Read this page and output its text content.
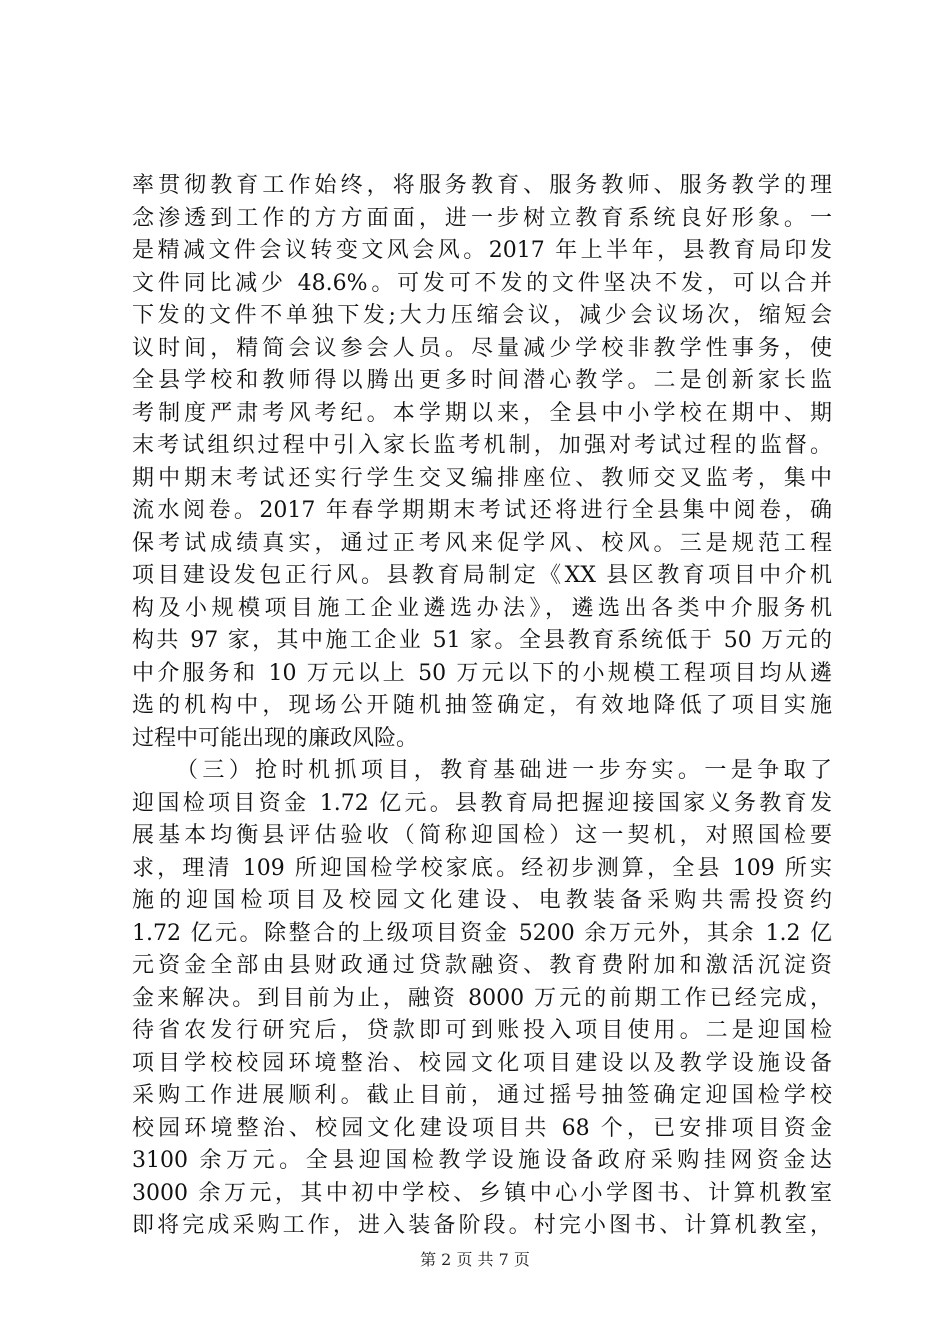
率贯彻教育工作始终，将服务教育、服务教师、服务教学的理
念渗透到工作的方方面面，进一步树立教育系统良好形象。一
是精减文件会议转变文风会风。2017 年上半年，县教育局印发
文件同比减少 48.6%。可发可不发的文件坚决不发，可以合并
下发的文件不单独下发;大力压缩会议，减少会议场次，缩短会
议时间，精简会议参会人员。尽量减少学校非教学性事务，使
全县学校和教师得以腾出更多时间潜心教学。二是创新家长监
考制度严肃考风考纪。本学期以来，全县中小学校在期中、期
末考试组织过程中引入家长监考机制，加强对考试过程的监督。
期中期末考试还实行学生交叉编排座位、教师交叉监考，集中
流水阅卷。2017 年春学期期末考试还将进行全县集中阅卷，确
保考试成绩真实，通过正考风来促学风、校风。三是规范工程
项目建设发包正行风。县教育局制定《XX 县区教育项目中介机
构及小规模项目施工企业遴选办法》，遴选出各类中介服务机
构共 97 家，其中施工企业 51 家。全县教育系统低于 50 万元的
中介服务和 10 万元以上 50 万元以下的小规模工程项目均从遴
选的机构中，现场公开随机抽签确定，有效地降低了项目实施
过程中可能出现的廉政风险。
（三）抢时机抓项目，教育基础进一步夯实。一是争取了
迎国检项目资金 1.72 亿元。县教育局把握迎接国家义务教育发
展基本均衡县评估验收（简称迎国检）这一契机，对照国检要
求，理清 109 所迎国检学校家底。经初步测算，全县 109 所实
施的迎国检项目及校园文化建设、电教装备采购共需投资约
1.72 亿元。除整合的上级项目资金 5200 余万元外，其余 1.2 亿
元资金全部由县财政通过贷款融资、教育费附加和激活沉淀资
金来解决。到目前为止，融资 8000 万元的前期工作已经完成，
待省农发行研究后，贷款即可到账投入项目使用。二是迎国检
项目学校校园环境整治、校园文化项目建设以及教学设施设备
采购工作进展顺利。截止目前，通过摇号抽签确定迎国检学校
校园环境整治、校园文化建设项目共 68 个，已安排项目资金
3100 余万元。全县迎国检教学设施设备政府采购挂网资金达
3000 余万元，其中初中学校、乡镇中心小学图书、计算机教室
即将完成采购工作，进入装备阶段。村完小图书、计算机教室，
第 2 页 共 7 页
